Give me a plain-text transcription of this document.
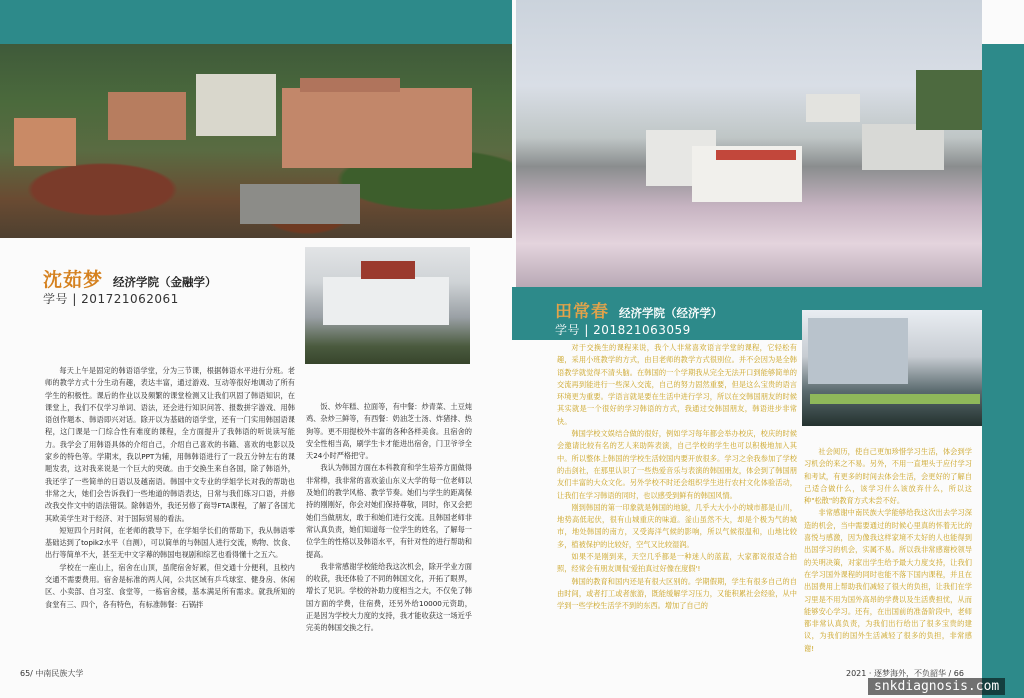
沈茹梦 经济学院（金融学）
学号 | 201721062061

每天上午是固定的韩语语学堂，分为三节课，根据韩语水平进行分班。老师的教学方式十分生动有趣，表达丰富，通过游戏、互动等很好地调动了所有学生的积极性。课后的作业以及频繁的课堂检测又让我们巩固了韩语知识，在课堂上，我们不仅学习单词、语法，还会进行知识问答、报数拼字游戏、用韩语创作题本、韩语即兴对话。除开以为基础的语学堂，还有一门实用韩国语课程，这门课是一门综合性有难度的课程，全方面提升了我韩语的听说读写能力。我学会了用韩语具体的介绍自己，介绍自己喜欢的书籍、喜欢的电影以及家乡的特色等。学期末，我以PPT为辅，用韩韩语进行了一段五分钟左右的课题发表，这对我来说是一个巨大的突破。由于交换生来自各国，除了韩语外，我还学了一些简单的日语以及越南语。韩国中文专业的学姐学长对我的帮助也非常之大，她们会告诉我们一些地道的韩语表达，日常与我们练习口语，并修改我交作文中的语法错误。除韩语外，我还另修了商导FTA课程，了解了各国尤其欧美学生对于经济、对于国际贸易的看法。

短短四个月时间，在老师的教导下，在学姐学长们的帮助下，我从韩语零基础达到了topik2水平（自测），可以简单的与韩国人进行交流，购物、饮食、出行等简单不大，甚至无中文字幕的韩国电视剧和综艺也看得懂十之五六。

学校在一座山上，宿舍在山顶，虽爬宿舍好累，但交通十分便利，且校内交通不需要费用。宿舍是标准的两人间，公共区域有乒乓球室、健身房、休闲区、小卖部、自习室、食堂等，一栋宿舍楼，基本满足所有需求。就我所知的食堂有三、四个，各有特色，有标准韩餐：石锅拌

饭、炒年糕、拉面等，有中餐：炒青菜、土豆炖鸡、杂炒三鲜等，有西餐：奶油芝士汤、炸猪排、热狗等。更不用提校外丰富的各种各样美食。且宿舍的安全性相当高，刷学生卡才能进出宿舍，门卫爷爷全天24小时严格把守。

我认为韩国方面在本科教育和学生培养方面做得非常棒，我非常的喜欢釜山东义大学的每一位老师以及她们的教学风格、教学节奏。她们与学生的距离保持的刚刚好，你会对她们保持尊敬，同时，你又会把她们当做朋友，敢于和她们进行交流。且韩国老师非常认真负责，她们知道每一位学生的姓名，了解每一位学生的性格以及韩语水平，有针对性的进行帮助和提高。

我非常感谢学校能给我这次机会，除开学业方面的收获，我还体验了不同的韩国文化，开拓了眼界，增长了见识。学校的补助力度相当之大，不仅免了韩国方面的学费，住宿费，还另外给10000元资助，正是因为学校大力度的支持，我才能收获这一场近乎完美的韩国交换之行。

65/ 中南民族大学
田常春 经济学院（经济学）
学号 | 201821063059

对于交换生的课程来说，我个人非常喜欢语言学堂的课程，它轻松有趣，采用小班教学的方式，由目老师的教学方式很别位。并不会因为是全韩语教学就觉得不清头脑。在韩国的一个学期我从完全无法开口到能够简单的交流再到能进行一些深入交流，自己的努力固然重要，但是这么宝贵的语言环境更为重要。学语言就是要在生活中进行学习，所以在交韩国朋友的时候其实就是一个很好的学习韩语的方式，我通过交韩国朋友，韩语进步非常快。

韩国学校文娱结合做的很好，例如学习每年都会举办校庆，校庆的时候会邀请比较有名的艺人来助阵表演，自己学校的学生也可以积极地加入其中。所以整体上韩国的学校生活较国内要开放很多。学习之余我参加了学校的击剑社，在那里认识了一些热爱音乐与表演的韩国朋友，体会到了韩国朋友们丰富的大众文化。另外学校不时还会组织学生进行农村文化体验活动，让我们在学习韩语的同时，也以感受到鲜有的韩国风情。

刚到韩国的第一印象就是韩国的地貌，几乎大大小小的城市都是山川，地势高低起伏，很有山城重庆的味道。釜山虽然不大，却是个极为气的城市，地处韩国的南方，又受海洋气候的影响，所以气候很温和，山地比较多，植被保护的比较好，空气又比较湿润。

如果不是刚到来，天空几乎都是一种迷人的蓝蓝，大家都说很适合拍照，经常会有朋友调侃'爱拍真过好像在度假'!

韩国的教育和国内还是有很大区别的。学期假期，学生有很多自己的自由时间，或者打工或者旅游，既能缓解学习压力，又能积累社会经验，从中学到一些学校生活学不到的东西。增加了自己的

社会阅历，使自己更加珍惜学习生活，体会到学习机会的来之不易。另外，不用一直埋头于应付学习和考试，有更多的时间去体会生活，会更好的了解自己适合做什么，该学习什么该放弃什么，所以这种"松散"的教育方式未尝不好。

非常感谢中南民族大学能够给我这次出去学习深造的机会，当中需要通过的时候心里真的怀着无比的喜悦与感激，因为像我这样家境不太好的人也能得到出国学习的机会，实属不易。所以我非常感谢校领导的关明决策，对家出学生给予最大力度支持，让我们在学习国外课程的同时也能不落下国内课程，并且在出国费用上帮助我们减轻了很大的负担，让我们在学习里是不用为国外高昂的学费以及生活费担忧，从而能够安心学习。还有，在出国前的准备阶段中，老师都非常认真负责，为我们出行给出了很多宝贵的建议，为我们的国外生活减轻了很多的负担，非常感谢!

2021 · 逐梦海外，不负韶华 / 66
snkdiagnosis.com
